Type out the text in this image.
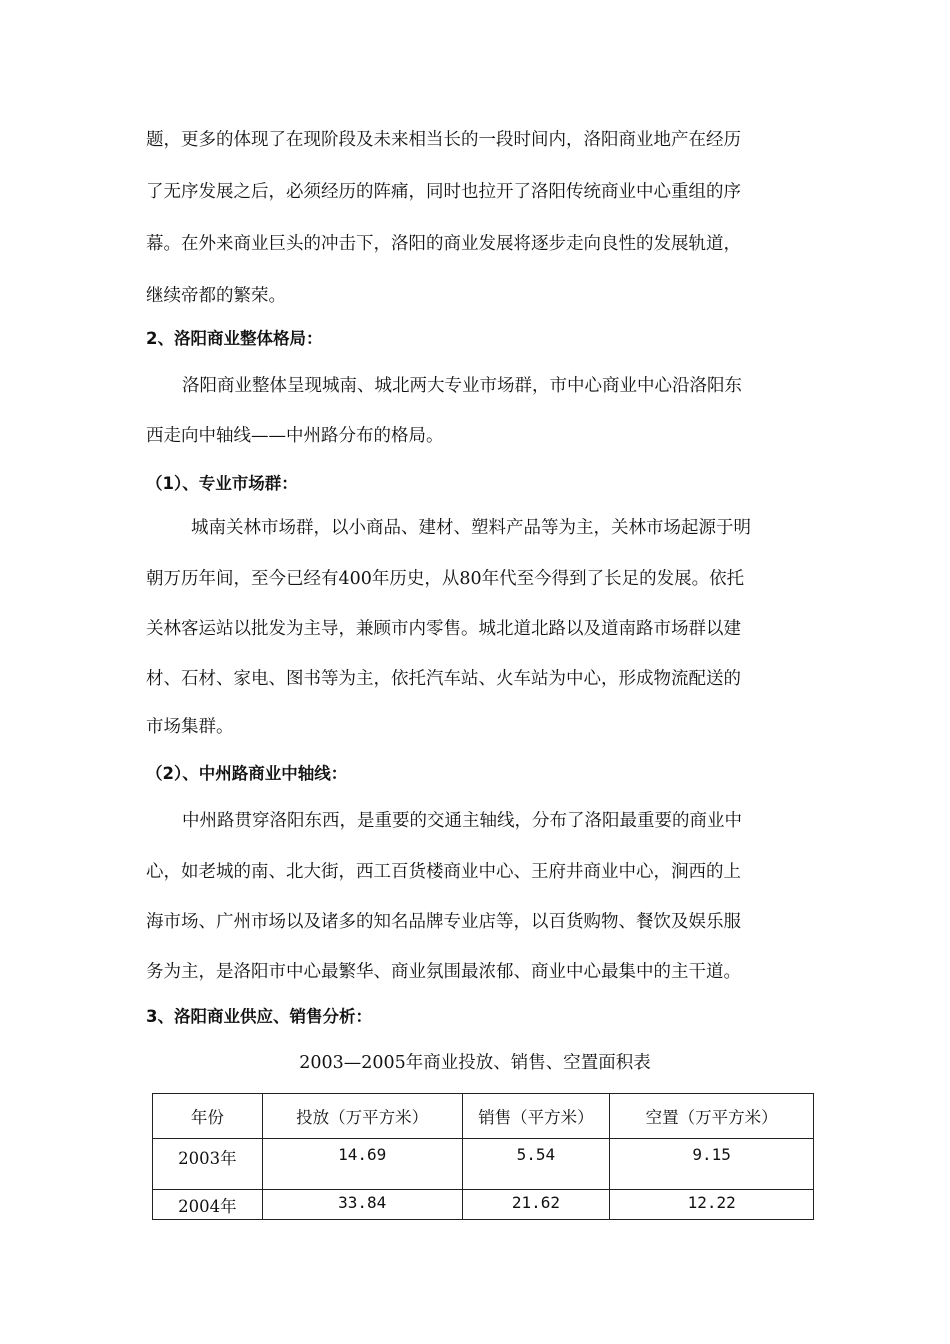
题，更多的体现了在现阶段及未来相当长的一段时间内，洛阳商业地产在经历
了无序发展之后，必须经历的阵痛，同时也拉开了洛阳传统商业中心重组的序
幕。在外来商业巨头的冲击下，洛阳的商业发展将逐步走向良性的发展轨道，
继续帝都的繁荣。
2、洛阳商业整体格局：
洛阳商业整体呈现城南、城北两大专业市场群，市中心商业中心沿洛阳东
西走向中轴线——中州路分布的格局。
（1）、专业市场群：
城南关林市场群，以小商品、建材、塑料产品等为主，关林市场起源于明
朝万历年间，至今已经有400年历史，从80年代至今得到了长足的发展。依托
关林客运站以批发为主导，兼顾市内零售。城北道北路以及道南路市场群以建
材、石材、家电、图书等为主，依托汽车站、火车站为中心，形成物流配送的
市场集群。
（2）、中州路商业中轴线：
中州路贯穿洛阳东西，是重要的交通主轴线，分布了洛阳最重要的商业中
心，如老城的南、北大街，西工百货楼商业中心、王府井商业中心，涧西的上
海市场、广州市场以及诸多的知名品牌专业店等，以百货购物、餐饮及娱乐服
务为主，是洛阳市中心最繁华、商业氛围最浓郁、商业中心最集中的主干道。
3、洛阳商业供应、销售分析：
2003—2005年商业投放、销售、空置面积表
年份	投放（万平方米）	销售（平方米）	空置（万平方米）
2003年	14.69	5.54	9.15
2004年	33.84	21.62	12.22
